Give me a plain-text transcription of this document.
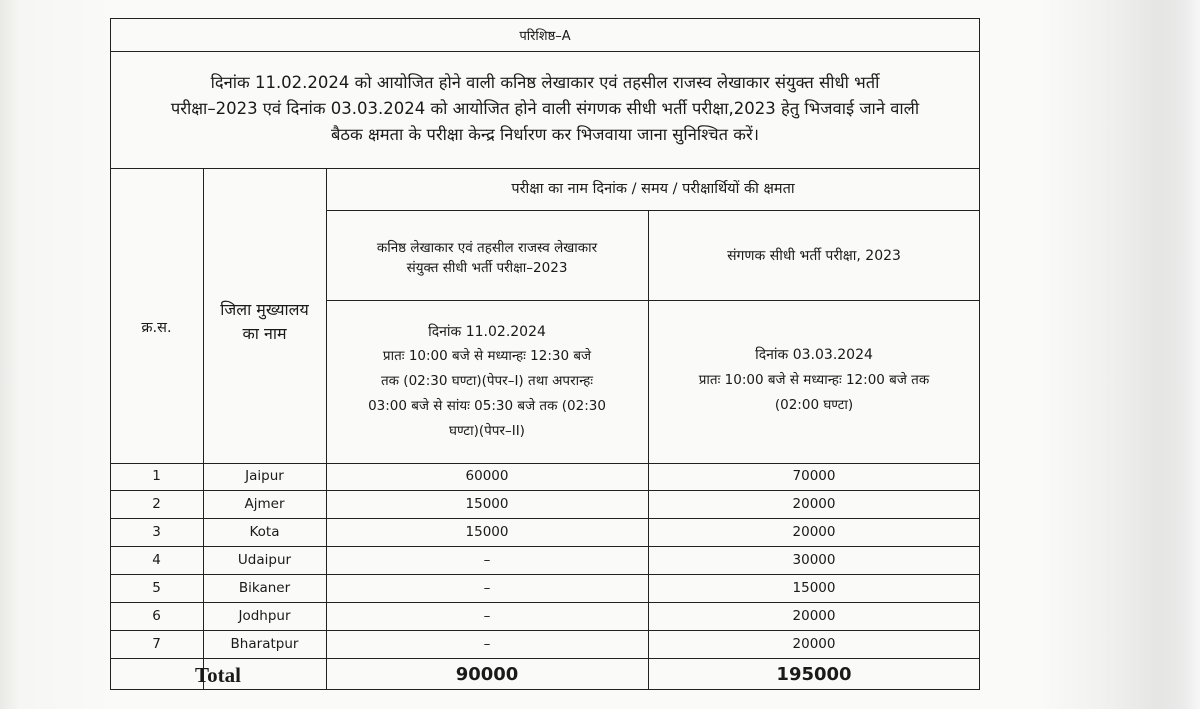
परिशिष्ठ–A
दिनांक 11.02.2024 को आयोजित होने वाली कनिष्ठ लेखाकार एवं तहसील राजस्व लेखाकार संयुक्त सीधी भर्ती
परीक्षा–2023 एवं दिनांक 03.03.2024 को आयोजित होने वाली संगणक सीधी भर्ती परीक्षा,2023 हेतु भिजवाई जाने वाली
बैठक क्षमता के परीक्षा केन्द्र निर्धारण कर भिजवाया जाना सुनिश्चित करें।
परीक्षा का नाम दिनांक / समय / परीक्षार्थियों की क्षमता
क्र.स.
जिला मुख्यालय
का नाम
कनिष्ठ लेखाकार एवं तहसील राजस्व लेखाकार
संयुक्त सीधी भर्ती परीक्षा–2023
संगणक सीधी भर्ती परीक्षा, 2023
दिनांक 11.02.2024
प्रातः 10:00 बजे से मध्यान्हः 12:30 बजे
तक (02:30 घण्टा)(पेपर–I) तथा अपरान्हः
03:00 बजे से सांयः 05:30 बजे तक (02:30
घण्टा)(पेपर–II)
दिनांक 03.03.2024
प्रातः 10:00 बजे से मध्यान्हः 12:00 बजे तक
(02:00 घण्टा)
1	Jaipur	60000	70000
2	Ajmer	15000	20000
3	Kota	15000	20000
4	Udaipur	–	30000
5	Bikaner	–	15000
6	Jodhpur	–	20000
7	Bharatpur	–	20000
Total	90000	195000
